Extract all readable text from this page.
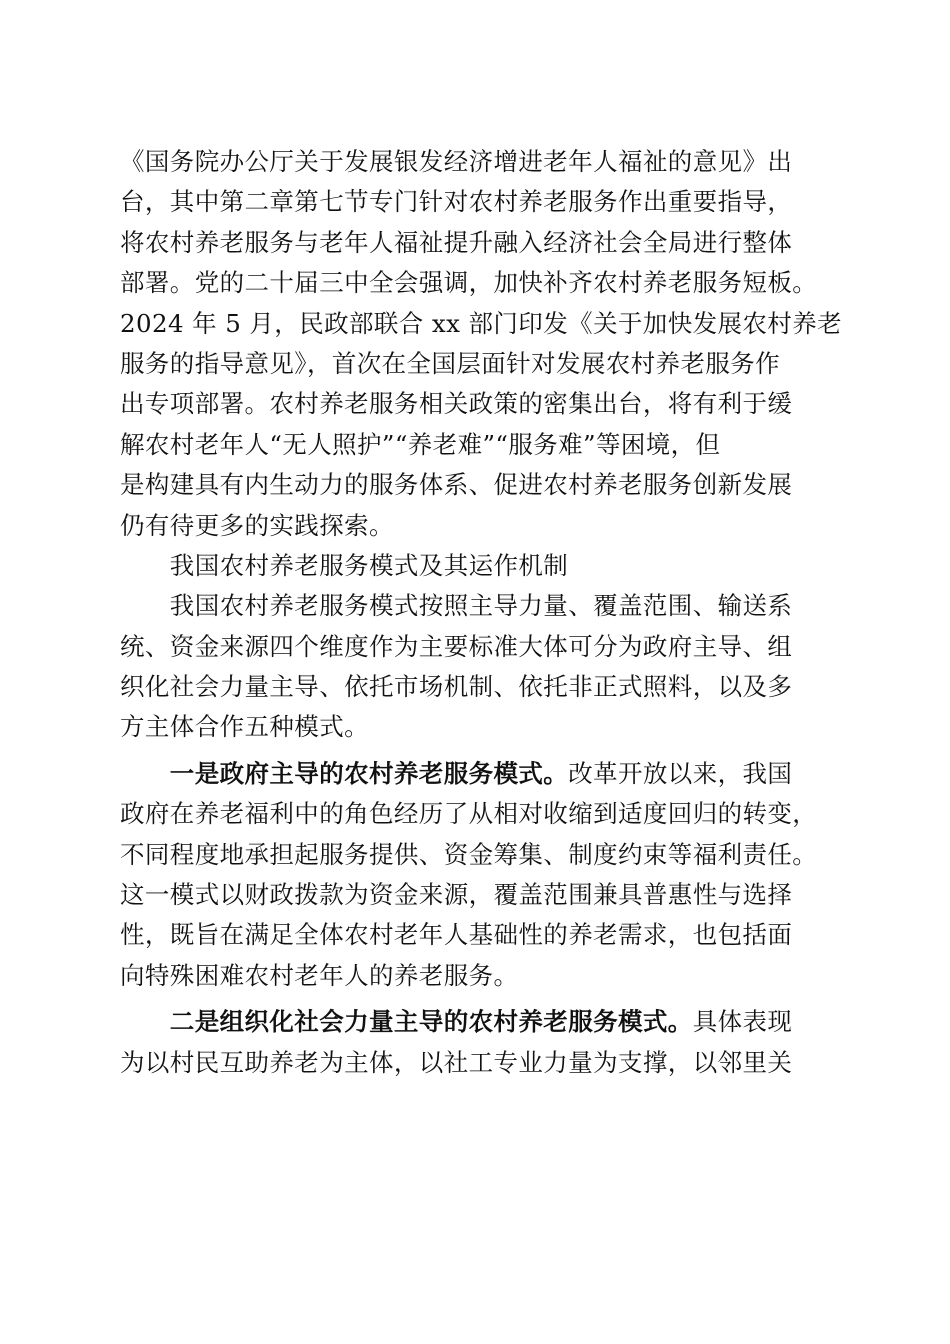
《国务院办公厅关于发展银发经济增进老年人福祉的意见》出
台，其中第二章第七节专门针对农村养老服务作出重要指导，
将农村养老服务与老年人福祉提升融入经济社会全局进行整体
部署。党的二十届三中全会强调，加快补齐农村养老服务短板。
2024 年 5 月，民政部联合 xx 部门印发《关于加快发展农村养老
服务的指导意见》，首次在全国层面针对发展农村养老服务作
出专项部署。农村养老服务相关政策的密集出台，将有利于缓
解农村老年人“无人照护”“养老难”“服务难”等困境，但
是构建具有内生动力的服务体系、促进农村养老服务创新发展
仍有待更多的实践探索。
　　我国农村养老服务模式及其运作机制
　　我国农村养老服务模式按照主导力量、覆盖范围、输送系
统、资金来源四个维度作为主要标准大体可分为政府主导、组
织化社会力量主导、依托市场机制、依托非正式照料，以及多
方主体合作五种模式。
　　一是政府主导的农村养老服务模式。改革开放以来，我国
政府在养老福利中的角色经历了从相对收缩到适度回归的转变，
不同程度地承担起服务提供、资金筹集、制度约束等福利责任。
这一模式以财政拨款为资金来源，覆盖范围兼具普惠性与选择
性，既旨在满足全体农村老年人基础性的养老需求，也包括面
向特殊困难农村老年人的养老服务。
　　二是组织化社会力量主导的农村养老服务模式。具体表现
为以村民互助养老为主体，以社工专业力量为支撑，以邻里关
